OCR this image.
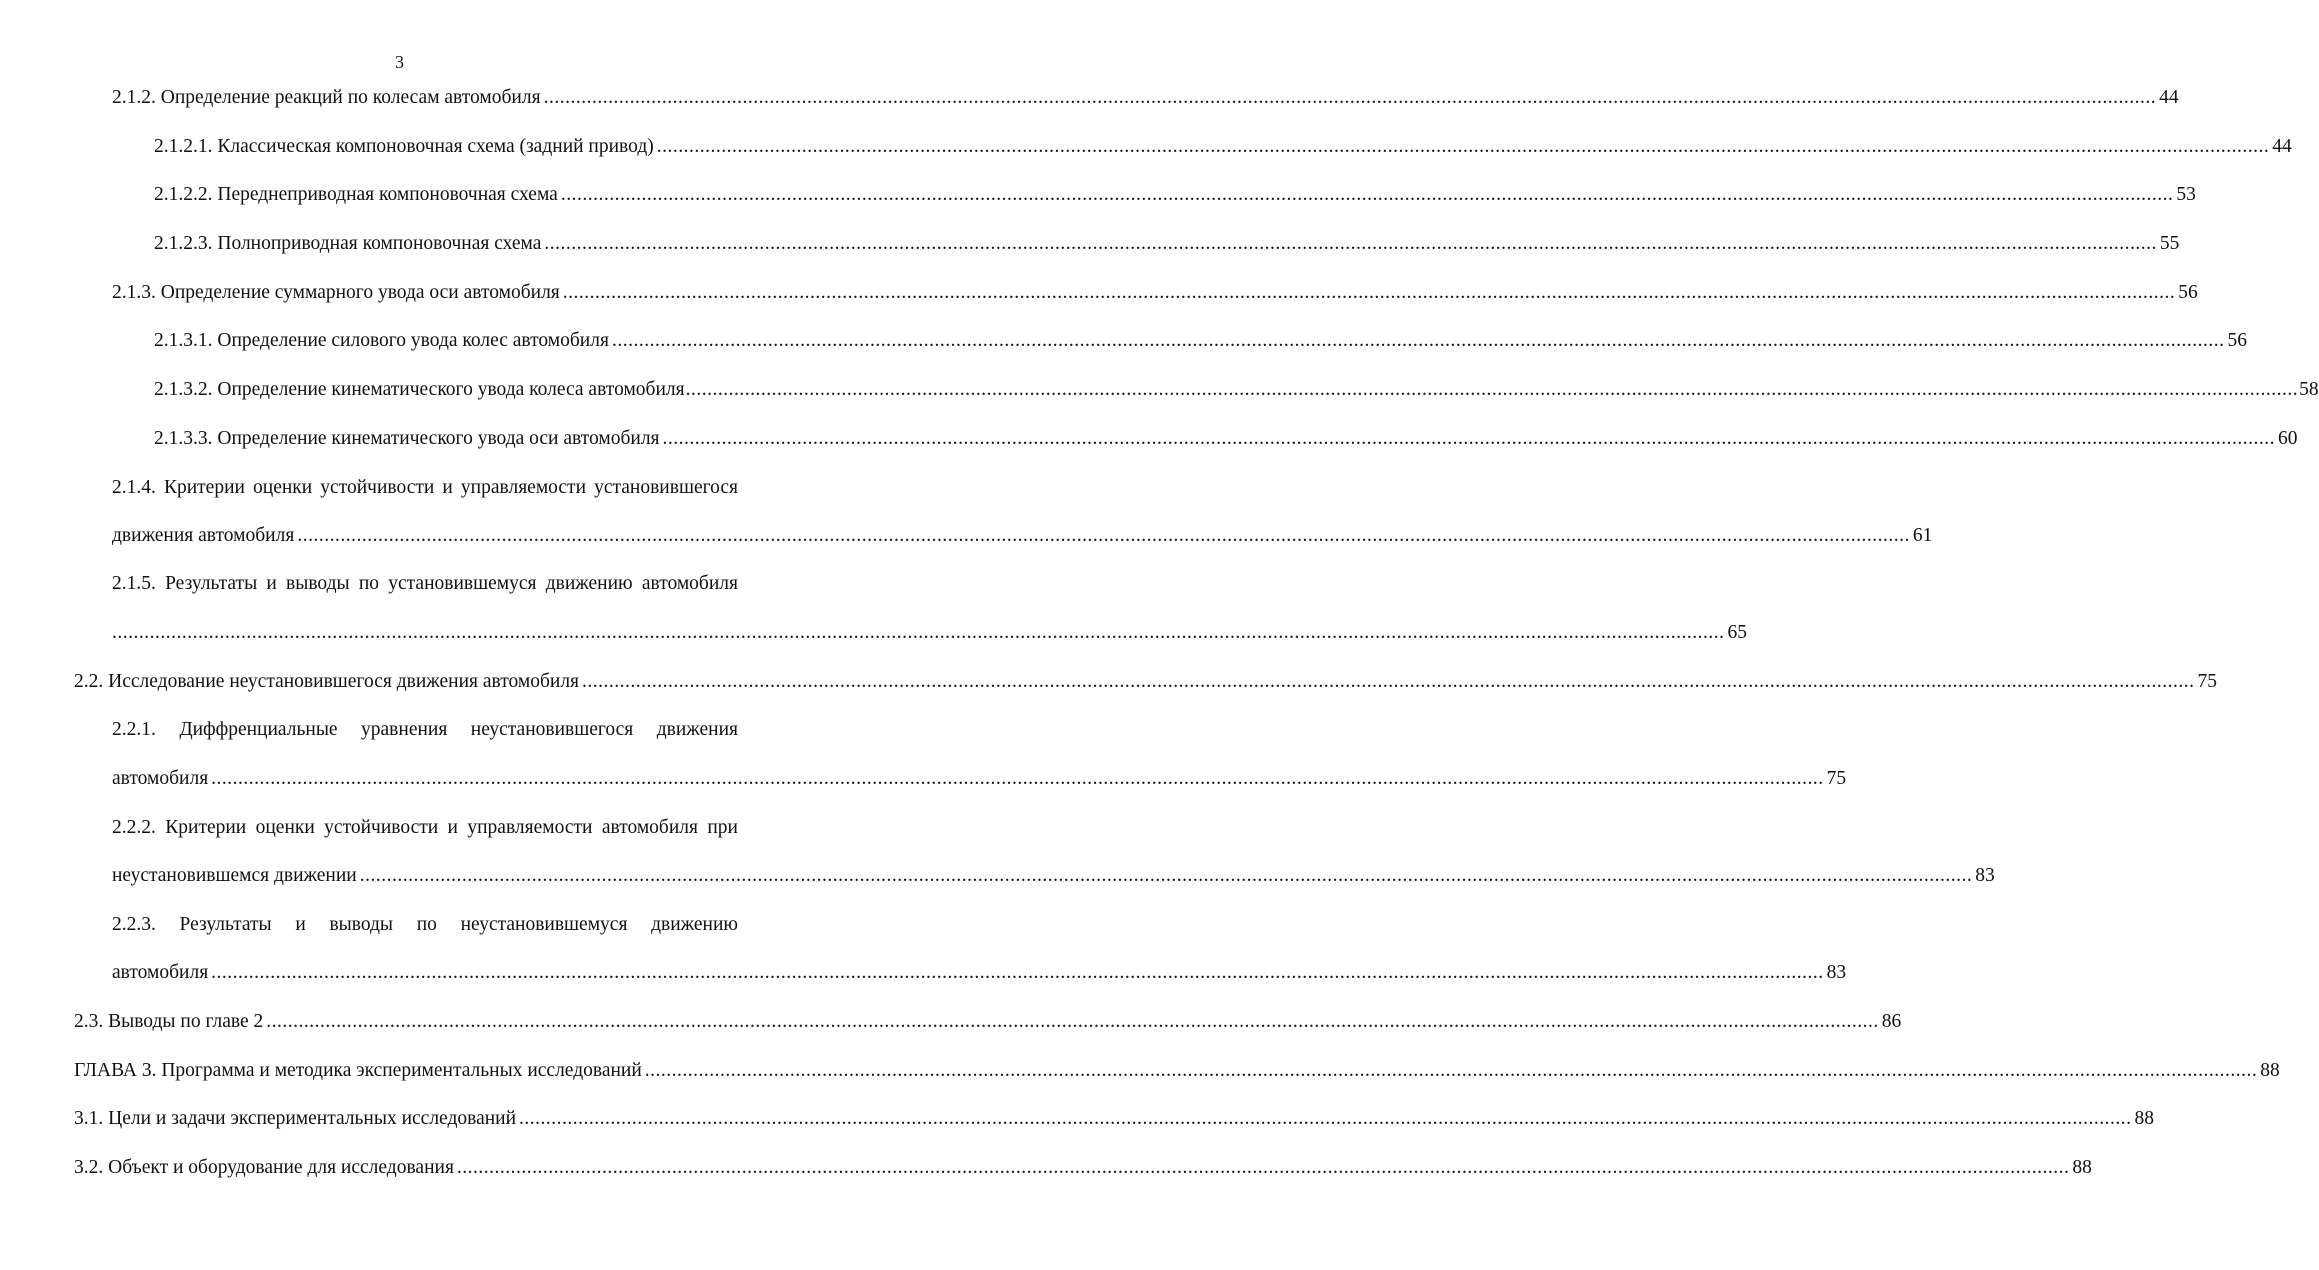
3
2.1.2. Определение реакций по колесам автомобиля ............................................................................................................................................................................................................................................................................................................ 44
2.1.2.1. Классическая компоновочная схема (задний привод) ............................................................................................................................................................................................................................................................................................................ 44
2.1.2.2. Переднеприводная компоновочная схема ............................................................................................................................................................................................................................................................................................................ 53
2.1.2.3. Полноприводная компоновочная схема ............................................................................................................................................................................................................................................................................................................ 55
2.1.3. Определение суммарного увода оси автомобиля ............................................................................................................................................................................................................................................................................................................ 56
2.1.3.1. Определение силового увода колес автомобиля ............................................................................................................................................................................................................................................................................................................ 56
2.1.3.2. Определение кинематического увода колеса автомобиля ............................................................................................................................................................................................................................................................................................................ 58
2.1.3.3. Определение кинематического увода оси автомобиля ............................................................................................................................................................................................................................................................................................................ 60
2.1.4. Критерии оценки устойчивости и управляемости установившегося
движения автомобиля ............................................................................................................................................................................................................................................................................................................ 61
2.1.5. Результаты и выводы по установившемуся движению автомобиля
............................................................................................................................................................................................................................................................................................................ 65
2.2. Исследование неустановившегося движения автомобиля ............................................................................................................................................................................................................................................................................................................ 75
2.2.1. Диффренциальные уравнения неустановившегося движения
автомобиля ............................................................................................................................................................................................................................................................................................................ 75
2.2.2. Критерии оценки устойчивости и управляемости автомобиля при
неустановившемся движении ............................................................................................................................................................................................................................................................................................................ 83
2.2.3. Результаты и выводы по неустановившемуся движению
автомобиля ............................................................................................................................................................................................................................................................................................................ 83
2.3. Выводы по главе 2 ............................................................................................................................................................................................................................................................................................................ 86
ГЛАВА 3. Программа и методика экспериментальных исследований ............................................................................................................................................................................................................................................................................................................ 88
3.1. Цели и задачи экспериментальных исследований ............................................................................................................................................................................................................................................................................................................ 88
3.2. Объект и оборудование для исследования ............................................................................................................................................................................................................................................................................................................ 88
